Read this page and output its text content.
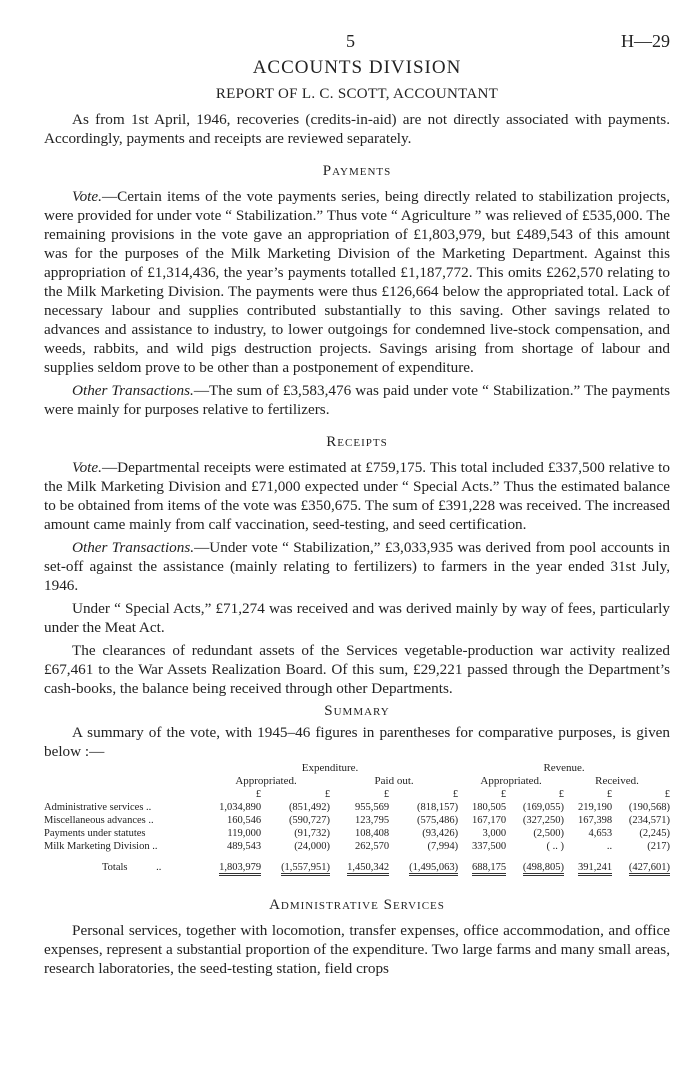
5	H—29
ACCOUNTS DIVISION
REPORT OF L. C. SCOTT, ACCOUNTANT

As from 1st April, 1946, recoveries (credits-in-aid) are not directly associated with payments. Accordingly, payments and receipts are reviewed separately.

Payments

Vote.—Certain items of the vote payments series, being directly related to stabilization projects, were provided for under vote “ Stabilization.” Thus vote “ Agriculture ” was relieved of £535,000. The remaining provisions in the vote gave an appropriation of £1,803,979, but £489,543 of this amount was for the purposes of the Milk Marketing Division of the Marketing Department. Against this appropriation of £1,314,436, the year’s payments totalled £1,187,772. This omits £262,570 relating to the Milk Marketing Division. The payments were thus £126,664 below the appropriated total. Lack of necessary labour and supplies contributed substantially to this saving. Other savings related to advances and assistance to industry, to lower outgoings for condemned live-stock compensation, and weeds, rabbits, and wild pigs destruction projects. Savings arising from shortage of labour and supplies seldom prove to be other than a postponement of expenditure.

Other Transactions.—The sum of £3,583,476 was paid under vote “ Stabilization.” The payments were mainly for purposes relative to fertilizers.

Receipts

Vote.—Departmental receipts were estimated at £759,175. This total included £337,500 relative to the Milk Marketing Division and £71,000 expected under “ Special Acts.” Thus the estimated balance to be obtained from items of the vote was £350,675. The sum of £391,228 was received. The increased amount came mainly from calf vaccination, seed-testing, and seed certification.

Other Transactions.—Under vote “ Stabilization,” £3,033,935 was derived from pool accounts in set-off against the assistance (mainly relating to fertilizers) to farmers in the year ended 31st July, 1946.

Under “ Special Acts,” £71,274 was received and was derived mainly by way of fees, particularly under the Meat Act.

The clearances of redundant assets of the Services vegetable-production war activity realized £67,461 to the War Assets Realization Board. Of this sum, £29,221 passed through the Department’s cash-books, the balance being received through other Departments.

Summary

A summary of the vote, with 1945–46 figures in parentheses for comparative purposes, is given below :—

	Expenditure.				Revenue.			
	Appropriated.		Paid out.		Appropriated.		Received.	
	£	£	£	£	£	£	£	£
Administrative services ..	1,034,890	(851,492)	955,569	(818,157)	180,505	(169,055)	219,190	(190,568)
Miscellaneous advances ..	160,546	(590,727)	123,795	(575,486)	167,170	(327,250)	167,398	(234,571)
Payments under statutes	119,000	(91,732)	108,408	(93,426)	3,000	(2,500)	4,653	(2,245)
Milk Marketing Division ..	489,543	(24,000)	262,570	(7,994)	337,500	( .. )	..	(217)
Totals ..	1,803,979	(1,557,951)	1,450,342	(1,495,063)	688,175	(498,805)	391,241	(427,601)
Administrative Services

Personal services, together with locomotion, transfer expenses, office accommodation, and office expenses, represent a substantial proportion of the expenditure. Two large farms and many small areas, research laboratories, the seed-testing station, field crops
